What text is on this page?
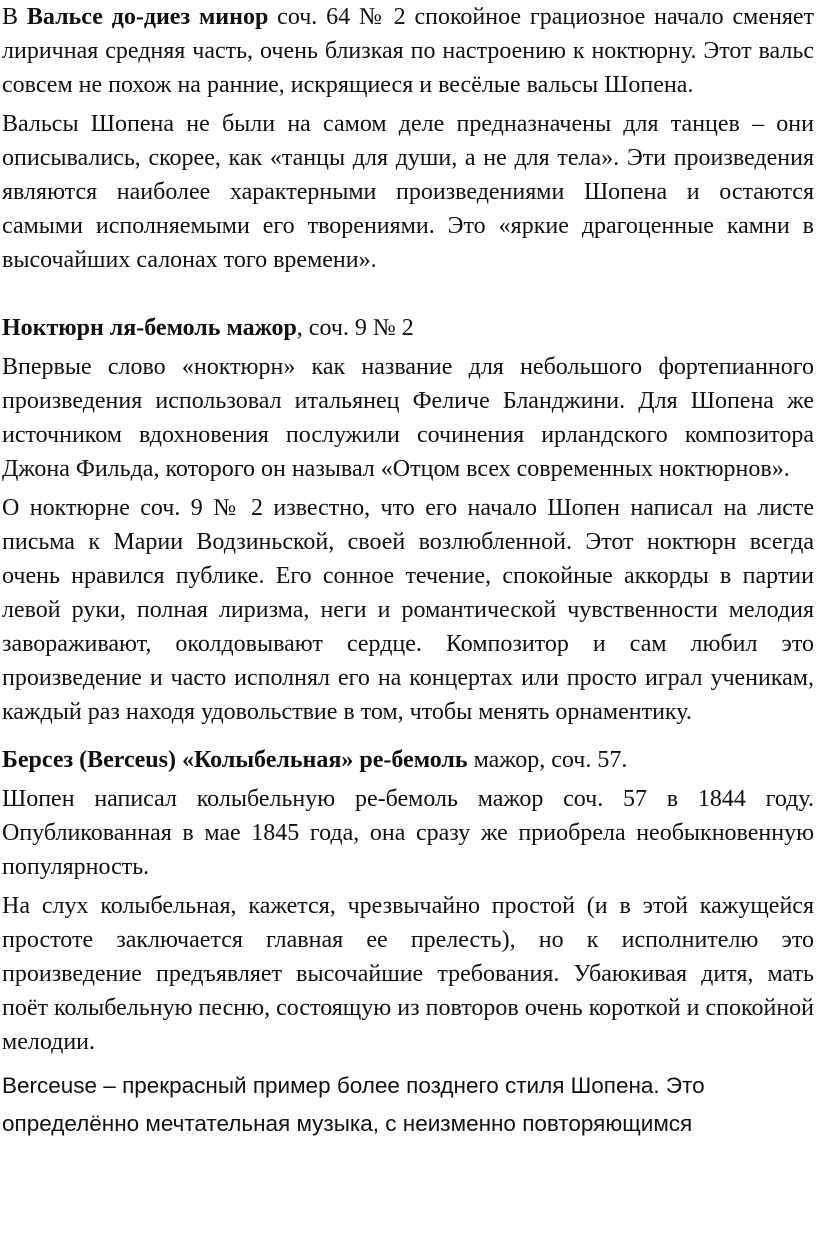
В Вальсе до-диез минор соч. 64 № 2 спокойное грациозное начало сменяет лиричная средняя часть, очень близкая по настроению к ноктюрну. Этот вальс совсем не похож на ранние, искрящиеся и весёлые вальсы Шопена.

Вальсы Шопена не были на самом деле предназначены для танцев – они описывались, скорее, как «танцы для души, а не для тела». Эти произведения являются наиболее характерными произведениями Шопена и остаются самыми исполняемыми его творениями. Это «яркие драгоценные камни в высочайших салонах того времени».

Ноктюрн ля-бемоль мажор, соч. 9 № 2

Впервые слово «ноктюрн» как название для небольшого фортепианного произведения использовал итальянец Феличе Бланджини. Для Шопена же источником вдохновения послужили сочинения ирландского композитора Джона Фильда, которого он называл «Отцом всех современных ноктюрнов».

О ноктюрне соч. 9 № 2 известно, что его начало Шопен написал на листе письма к Марии Водзиньской, своей возлюбленной. Этот ноктюрн всегда очень нравился публике. Его сонное течение, спокойные аккорды в партии левой руки, полная лиризма, неги и романтической чувственности мелодия завораживают, околдовывают сердце. Композитор и сам любил это произведение и часто исполнял его на концертах или просто играл ученикам, каждый раз находя удовольствие в том, чтобы менять орнаментику.

Берсез (Berceus) «Колыбельная» ре-бемоль мажор, соч. 57.

Шопен написал колыбельную ре-бемоль мажор соч. 57 в 1844 году. Опубликованная в мае 1845 года, она сразу же приобрела необыкновенную популярность.

На слух колыбельная, кажется, чрезвычайно простой (и в этой кажущейся простоте заключается главная ее прелесть), но к исполнителю это произведение предъявляет высочайшие требования. Убаюкивая дитя, мать поёт колыбельную песню, состоящую из повторов очень короткой и спокойной мелодии.

Berceuse – прекрасный пример более позднего стиля Шопена. Это определённо мечтательная музыка, с неизменно повторяющимся
